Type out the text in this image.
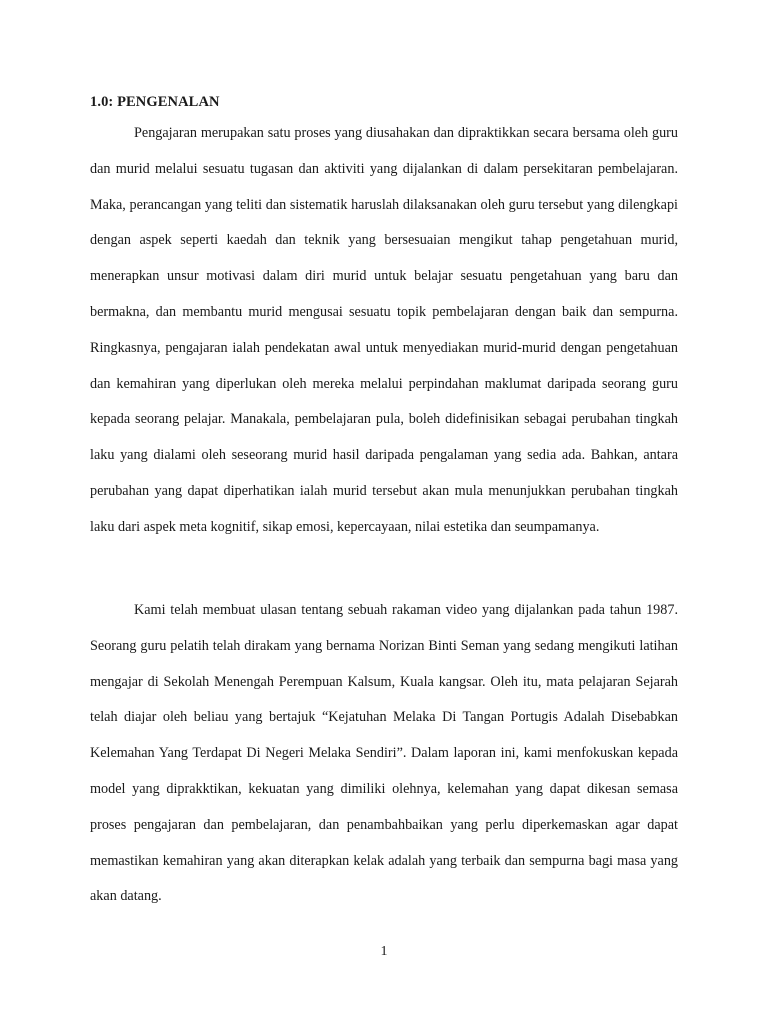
1.0: PENGENALAN

Pengajaran merupakan satu proses yang diusahakan dan dipraktikkan secara bersama oleh guru dan murid melalui sesuatu tugasan dan aktiviti yang dijalankan di dalam persekitaran pembelajaran. Maka, perancangan yang teliti dan sistematik haruslah dilaksanakan oleh guru tersebut yang dilengkapi dengan aspek seperti kaedah dan teknik yang bersesuaian mengikut tahap pengetahuan murid, menerapkan unsur motivasi dalam diri murid untuk belajar sesuatu pengetahuan yang baru dan bermakna, dan membantu murid mengusai sesuatu topik pembelajaran dengan baik dan sempurna. Ringkasnya, pengajaran ialah pendekatan awal untuk menyediakan murid-murid dengan pengetahuan dan kemahiran yang diperlukan oleh mereka melalui perpindahan maklumat daripada seorang guru kepada seorang pelajar. Manakala, pembelajaran pula, boleh didefinisikan sebagai perubahan tingkah laku yang dialami oleh seseorang murid hasil daripada pengalaman yang sedia ada. Bahkan, antara perubahan yang dapat diperhatikan ialah murid tersebut akan mula menunjukkan perubahan tingkah laku dari aspek meta kognitif, sikap emosi, kepercayaan, nilai estetika dan seumpamanya.

Kami telah membuat ulasan tentang sebuah rakaman video yang dijalankan pada tahun 1987. Seorang guru pelatih telah dirakam yang bernama Norizan Binti Seman yang sedang mengikuti latihan mengajar di Sekolah Menengah Perempuan Kalsum, Kuala kangsar. Oleh itu, mata pelajaran Sejarah telah diajar oleh beliau yang bertajuk “Kejatuhan Melaka Di Tangan Portugis Adalah Disebabkan Kelemahan Yang Terdapat Di Negeri Melaka Sendiri”. Dalam laporan ini, kami menfokuskan kepada model yang diprakktikan, kekuatan yang dimiliki olehnya, kelemahan yang dapat dikesan semasa proses pengajaran dan pembelajaran, dan penambahbaikan yang perlu diperkemaskan agar dapat memastikan kemahiran yang akan diterapkan kelak adalah yang terbaik dan sempurna bagi masa yang akan datang.

1
